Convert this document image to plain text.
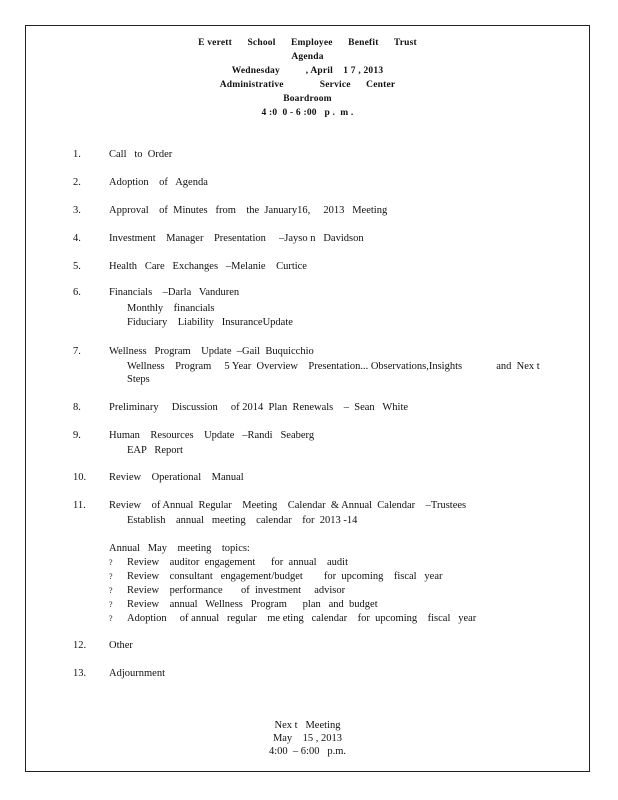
E verett      School      Employee      Benefit      Trust
Agenda
Wednesday          , April    1 7 , 2013
Administrative              Service      Center
Boardroom
4 :0  0 - 6 :00   p .  m .
1.	Call   to  Order
2.	Adoption    of   Agenda
3.	Approval    of  Minutes   from    the  January16,     2013   Meeting
4.	Investment    Manager    Presentation     –Jayso n   Davidson
5.	Health   Care   Exchanges   –Melanie    Curtice
6.	Financials    –Darla   Vanduren
Monthly    financials
Fiduciary    Liability   InsuranceUpdate
7.	Wellness   Program    Update  –Gail  Buquicchio
Wellness    Program     5 Year  Overview    Presentation... Observations,Insights             and  Nex t
Steps
8.	Preliminary     Discussion     of 2014  Plan  Renewals    –  Sean   White
9.	Human    Resources    Update   –Randi   Seaberg
EAP   Report
10.	Review    Operational    Manual
11.	Review    of Annual  Regular    Meeting    Calendar  & Annual  Calendar    –Trustees
Establish    annual   meeting    calendar    for  2013 -14
Annual   May    meeting    topics:
? Review    auditor  engagement      for  annual    audit
? Review    consultant   engagement/budget        for  upcoming    fiscal   year
? Review    performance       of  investment     advisor
? Review    annual   Wellness   Program      plan   and  budget
? Adoption     of annual   regular    me eting   calendar    for  upcoming    fiscal   year
12.	Other
13.	Adjournment
Nex t   Meeting
May    15 , 2013
4:00  – 6:00   p.m.
